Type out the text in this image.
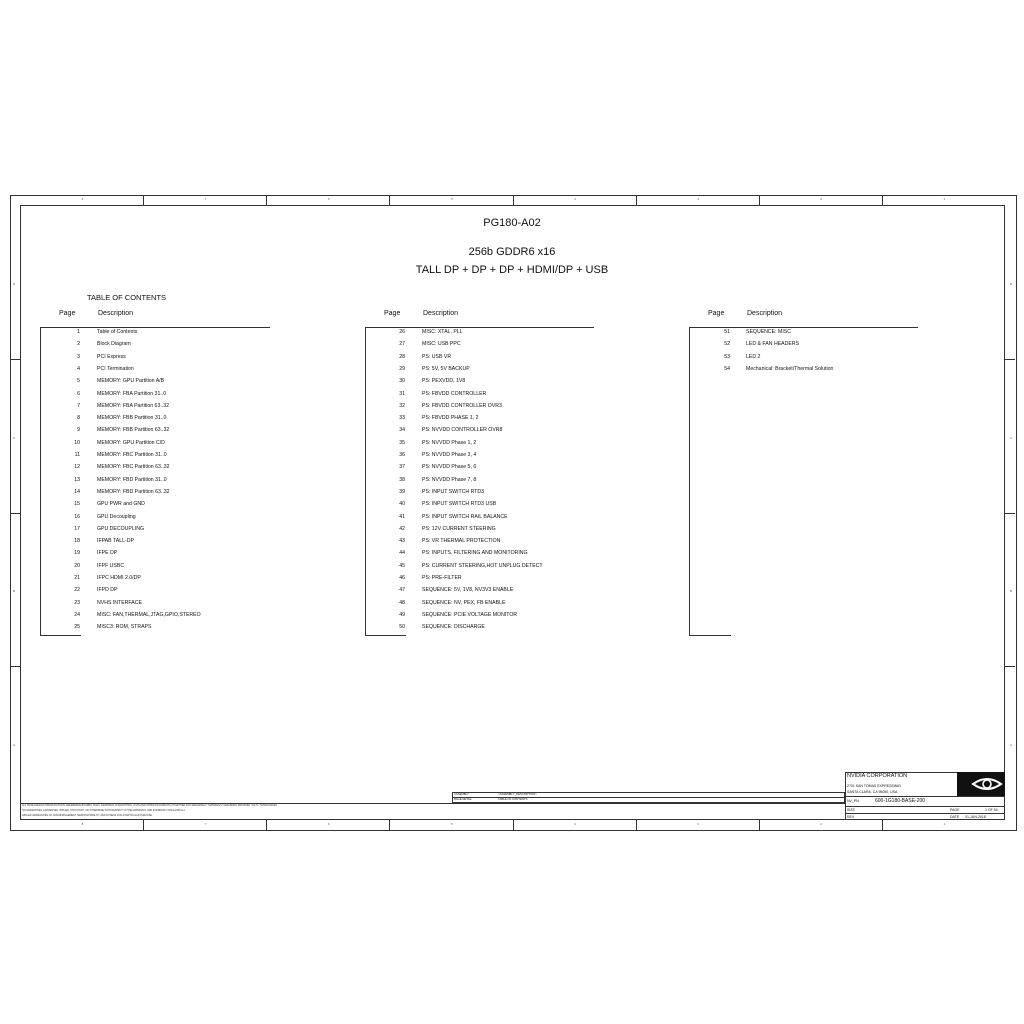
8
8
7
7
6
6
5
5
4
4
3
3
2
2
1
1
D	D
C	C
B	B
A	A
PG180-A02
256b GDDR6 x16
TALL DP + DP + DP + HDMI/DP + USB
TABLE OF CONTENTS
Page	Description
1	Table of Contents
2	Block Diagram
3	PCI Express
4	PCI Termination
5	MEMORY: GPU Partition A/B
6	MEMORY: FBA Partition 31..0
7	MEMORY: FBA Partition 63..32
8	MEMORY: FBB Partition 31..0
9	MEMORY: FBB Partition 63..32
10	MEMORY: GPU Partition C/D
11	MEMORY: FBC Partition 31..0
12	MEMORY: FBC Partition 63..32
13	MEMORY: FBD Partition 31..0
14	MEMORY: FBD Partition 63..32
15	GPU PWR and GND
16	GPU Decoupling
17	GPU DECOUPLING
18	IFPAB TALL-DP
19	IFPE DP
20	IFPF USBC
21	IFPC HDMI 2.0/DP
22	IFPD DP
23	NVHS INTERFACE
24	MISC: FAN,THERMAL,JTAG,GPIO,STEREO
25	MISC3: ROM, STRAPS
Page	Description
26	MISC: XTAL, PLL
27	MISC: USB PPC
28	PS: USB VR
29	PS: 5V, 5V BACKUP
30	PS: PEXVDD, 1V8
31	PS: FBVDD CONTROLLER
32	PS: FBVDD CONTROLLER OVR3
33	PS: FBVDD PHASE 1, 2
34	PS: NVVDD CONTROLLER OVR8
35	PS: NVVDD Phase 1, 2
36	PS: NVVDD Phase 3, 4
37	PS: NVVDD Phase 5, 6
38	PS: NVVDD Phase 7, 8
39	PS: INPUT SWITCH RTD3
40	PS: INPUT SWITCH RTD3 USB
41	PS: INPUT SWITCH RAIL BALANCE
42	PS: 12V CURRENT STEERING
43	PS: VR THERMAL PROTECTION
44	PS: INPUTS, FILTERING AND MONITORING
45	PS: CURRENT STEERING,HOT UNPLUG DETECT
46	PS: PRE-FILTER
47	SEQUENCE: 5V, 1V8, NV3V3 ENABLE
48	SEQUENCE: NV, PEX, FB ENABLE
49	SEQUENCE: PCIE VOLTAGE MONITOR
50	SEQUENCE: DISCHARGE
Page	Description
51	SEQUENCE: MISC
52	LED & FAN HEADERS
53	LED 2
54	Mechanical: Bracket/Thermal Solution
NVIDIA CORPORATION
2701 SAN TOMAS EXPRESSWAY
SANTA CLARA, CA 95050, USA
NV_PN	600-1G180-BASE-200
SIZE
REV
PAGE	1 OF 54
DATE 01-JUN-2018
ASSEMBLY	<ASSEMBLY_DESCRIPTION>
PAGE DETAIL	TABLE OF CONTENTS
ALL NVIDIA DESIGN SPECIFICATIONS, REFERENCE BOARDS, FILES, DRAWINGS, DIAGNOSTICS, LISTS AND OTHER DOCUMENTS (TOGETHER AND SEPARATELY, "MATERIALS") ARE BEING PROVIDED "AS IS." NVIDIA MAKES
NO WARRANTIES, EXPRESSED, IMPLIED, STATUTORY, OR OTHERWISE WITH RESPECT TO THE MATERIALS, AND EXPRESSLY DISCLAIMS ALL
IMPLIED WARRANTIES OF NONINFRINGEMENT, MERCHANTABILITY, AND FITNESS FOR A PARTICULAR PURPOSE.
